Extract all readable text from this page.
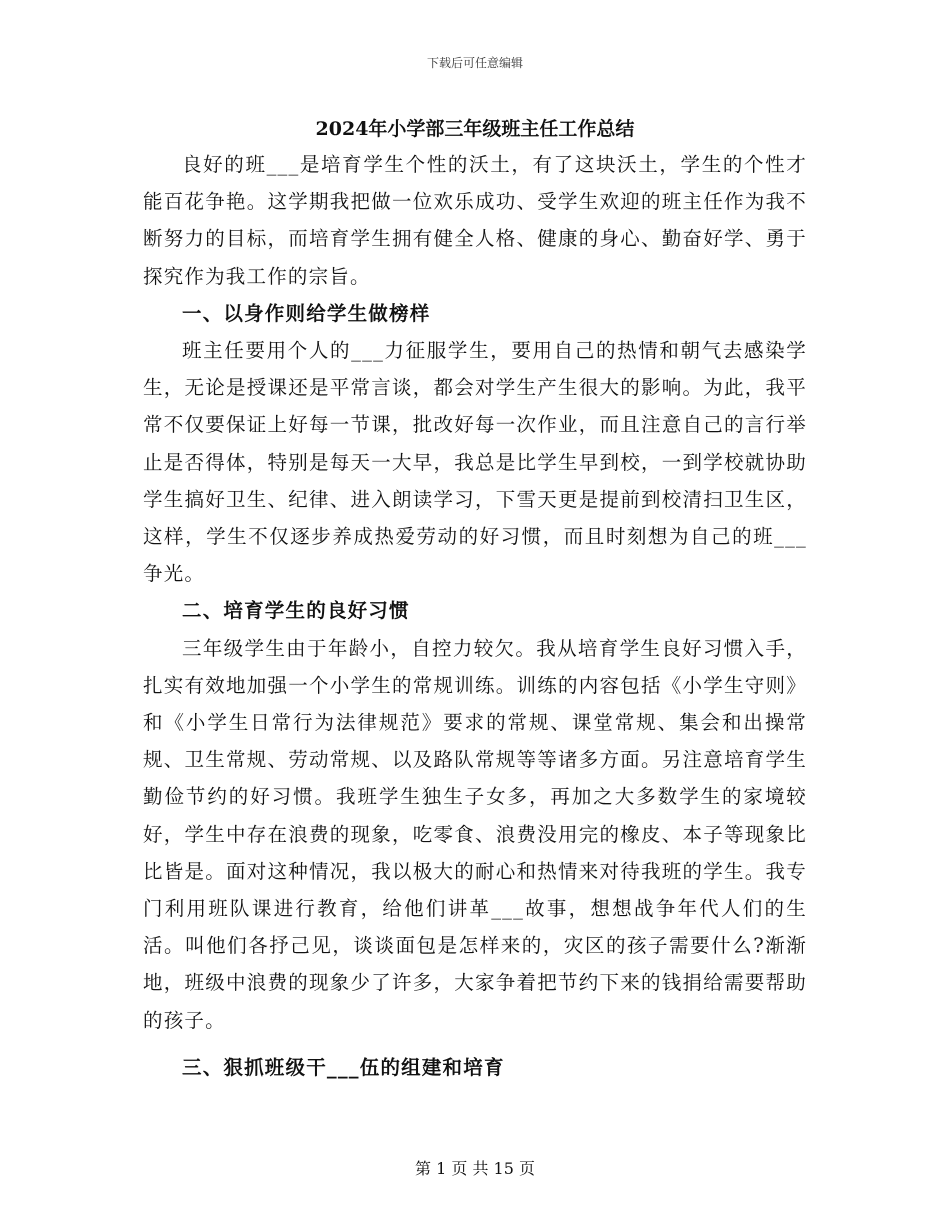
下载后可任意编辑
2024年小学部三年级班主任工作总结

良好的班___是培育学生个性的沃土，有了这块沃土，学生的个性才能百花争艳。这学期我把做一位欢乐成功、受学生欢迎的班主任作为我不断努力的目标，而培育学生拥有健全人格、健康的身心、勤奋好学、勇于探究作为我工作的宗旨。

一、以身作则给学生做榜样

班主任要用个人的___力征服学生，要用自己的热情和朝气去感染学生，无论是授课还是平常言谈，都会对学生产生很大的影响。为此，我平常不仅要保证上好每一节课，批改好每一次作业，而且注意自己的言行举止是否得体，特别是每天一大早，我总是比学生早到校，一到学校就协助学生搞好卫生、纪律、进入朗读学习，下雪天更是提前到校清扫卫生区，这样，学生不仅逐步养成热爱劳动的好习惯，而且时刻想为自己的班___争光。

二、培育学生的良好习惯

三年级学生由于年龄小，自控力较欠。我从培育学生良好习惯入手，扎实有效地加强一个小学生的常规训练。训练的内容包括《小学生守则》和《小学生日常行为法律规范》要求的常规、课堂常规、集会和出操常规、卫生常规、劳动常规、以及路队常规等等诸多方面。另注意培育学生勤俭节约的好习惯。我班学生独生子女多，再加之大多数学生的家境较好，学生中存在浪费的现象，吃零食、浪费没用完的橡皮、本子等现象比比皆是。面对这种情况，我以极大的耐心和热情来对待我班的学生。我专门利用班队课进行教育，给他们讲革___故事，想想战争年代人们的生活。叫他们各抒己见，谈谈面包是怎样来的，灾区的孩子需要什么?渐渐地，班级中浪费的现象少了许多，大家争着把节约下来的钱捐给需要帮助的孩子。

三、狠抓班级干___伍的组建和培育
第 1 页 共 15 页
